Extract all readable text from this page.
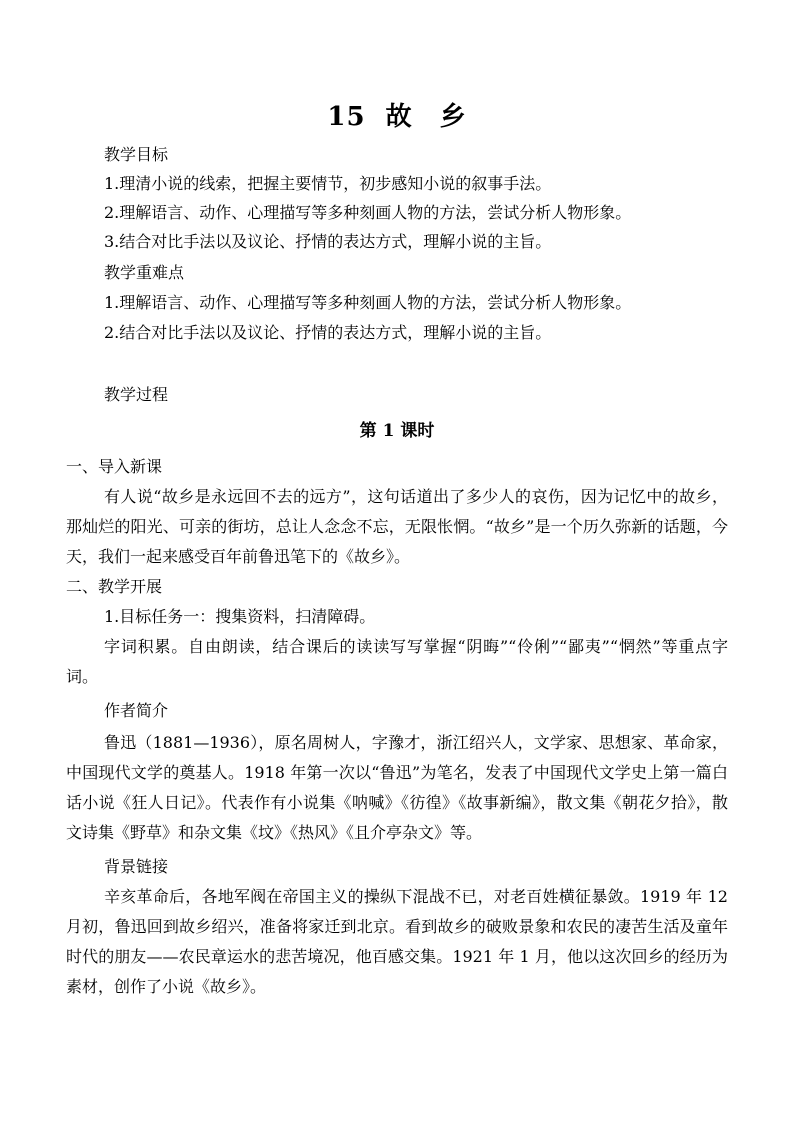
15 故　乡

教学目标

1.理清小说的线索，把握主要情节，初步感知小说的叙事手法。

2.理解语言、动作、心理描写等多种刻画人物的方法，尝试分析人物形象。

3.结合对比手法以及议论、抒情的表达方式，理解小说的主旨。

教学重难点

1.理解语言、动作、心理描写等多种刻画人物的方法，尝试分析人物形象。

2.结合对比手法以及议论、抒情的表达方式，理解小说的主旨。

教学过程

第 1 课时

一、导入新课

有人说“故乡是永远回不去的远方”，这句话道出了多少人的哀伤，因为记忆中的故乡，那灿烂的阳光、可亲的街坊，总让人念念不忘，无限怅惘。“故乡”是一个历久弥新的话题，今天，我们一起来感受百年前鲁迅笔下的《故乡》。

二、教学开展

1.目标任务一：搜集资料，扫清障碍。

字词积累。自由朗读，结合课后的读读写写掌握“阴晦”“伶俐”“鄙夷”“惘然”等重点字词。

作者简介

鲁迅（1881—1936），原名周树人，字豫才，浙江绍兴人，文学家、思想家、革命家，中国现代文学的奠基人。1918 年第一次以“鲁迅”为笔名，发表了中国现代文学史上第一篇白话小说《狂人日记》。代表作有小说集《呐喊》《彷徨》《故事新编》，散文集《朝花夕拾》，散文诗集《野草》和杂文集《坟》《热风》《且介亭杂文》等。

背景链接

辛亥革命后，各地军阀在帝国主义的操纵下混战不已，对老百姓横征暴敛。1919 年 12 月初，鲁迅回到故乡绍兴，准备将家迁到北京。看到故乡的破败景象和农民的凄苦生活及童年时代的朋友——农民章运水的悲苦境况，他百感交集。1921 年 1 月，他以这次回乡的经历为素材，创作了小说《故乡》。
